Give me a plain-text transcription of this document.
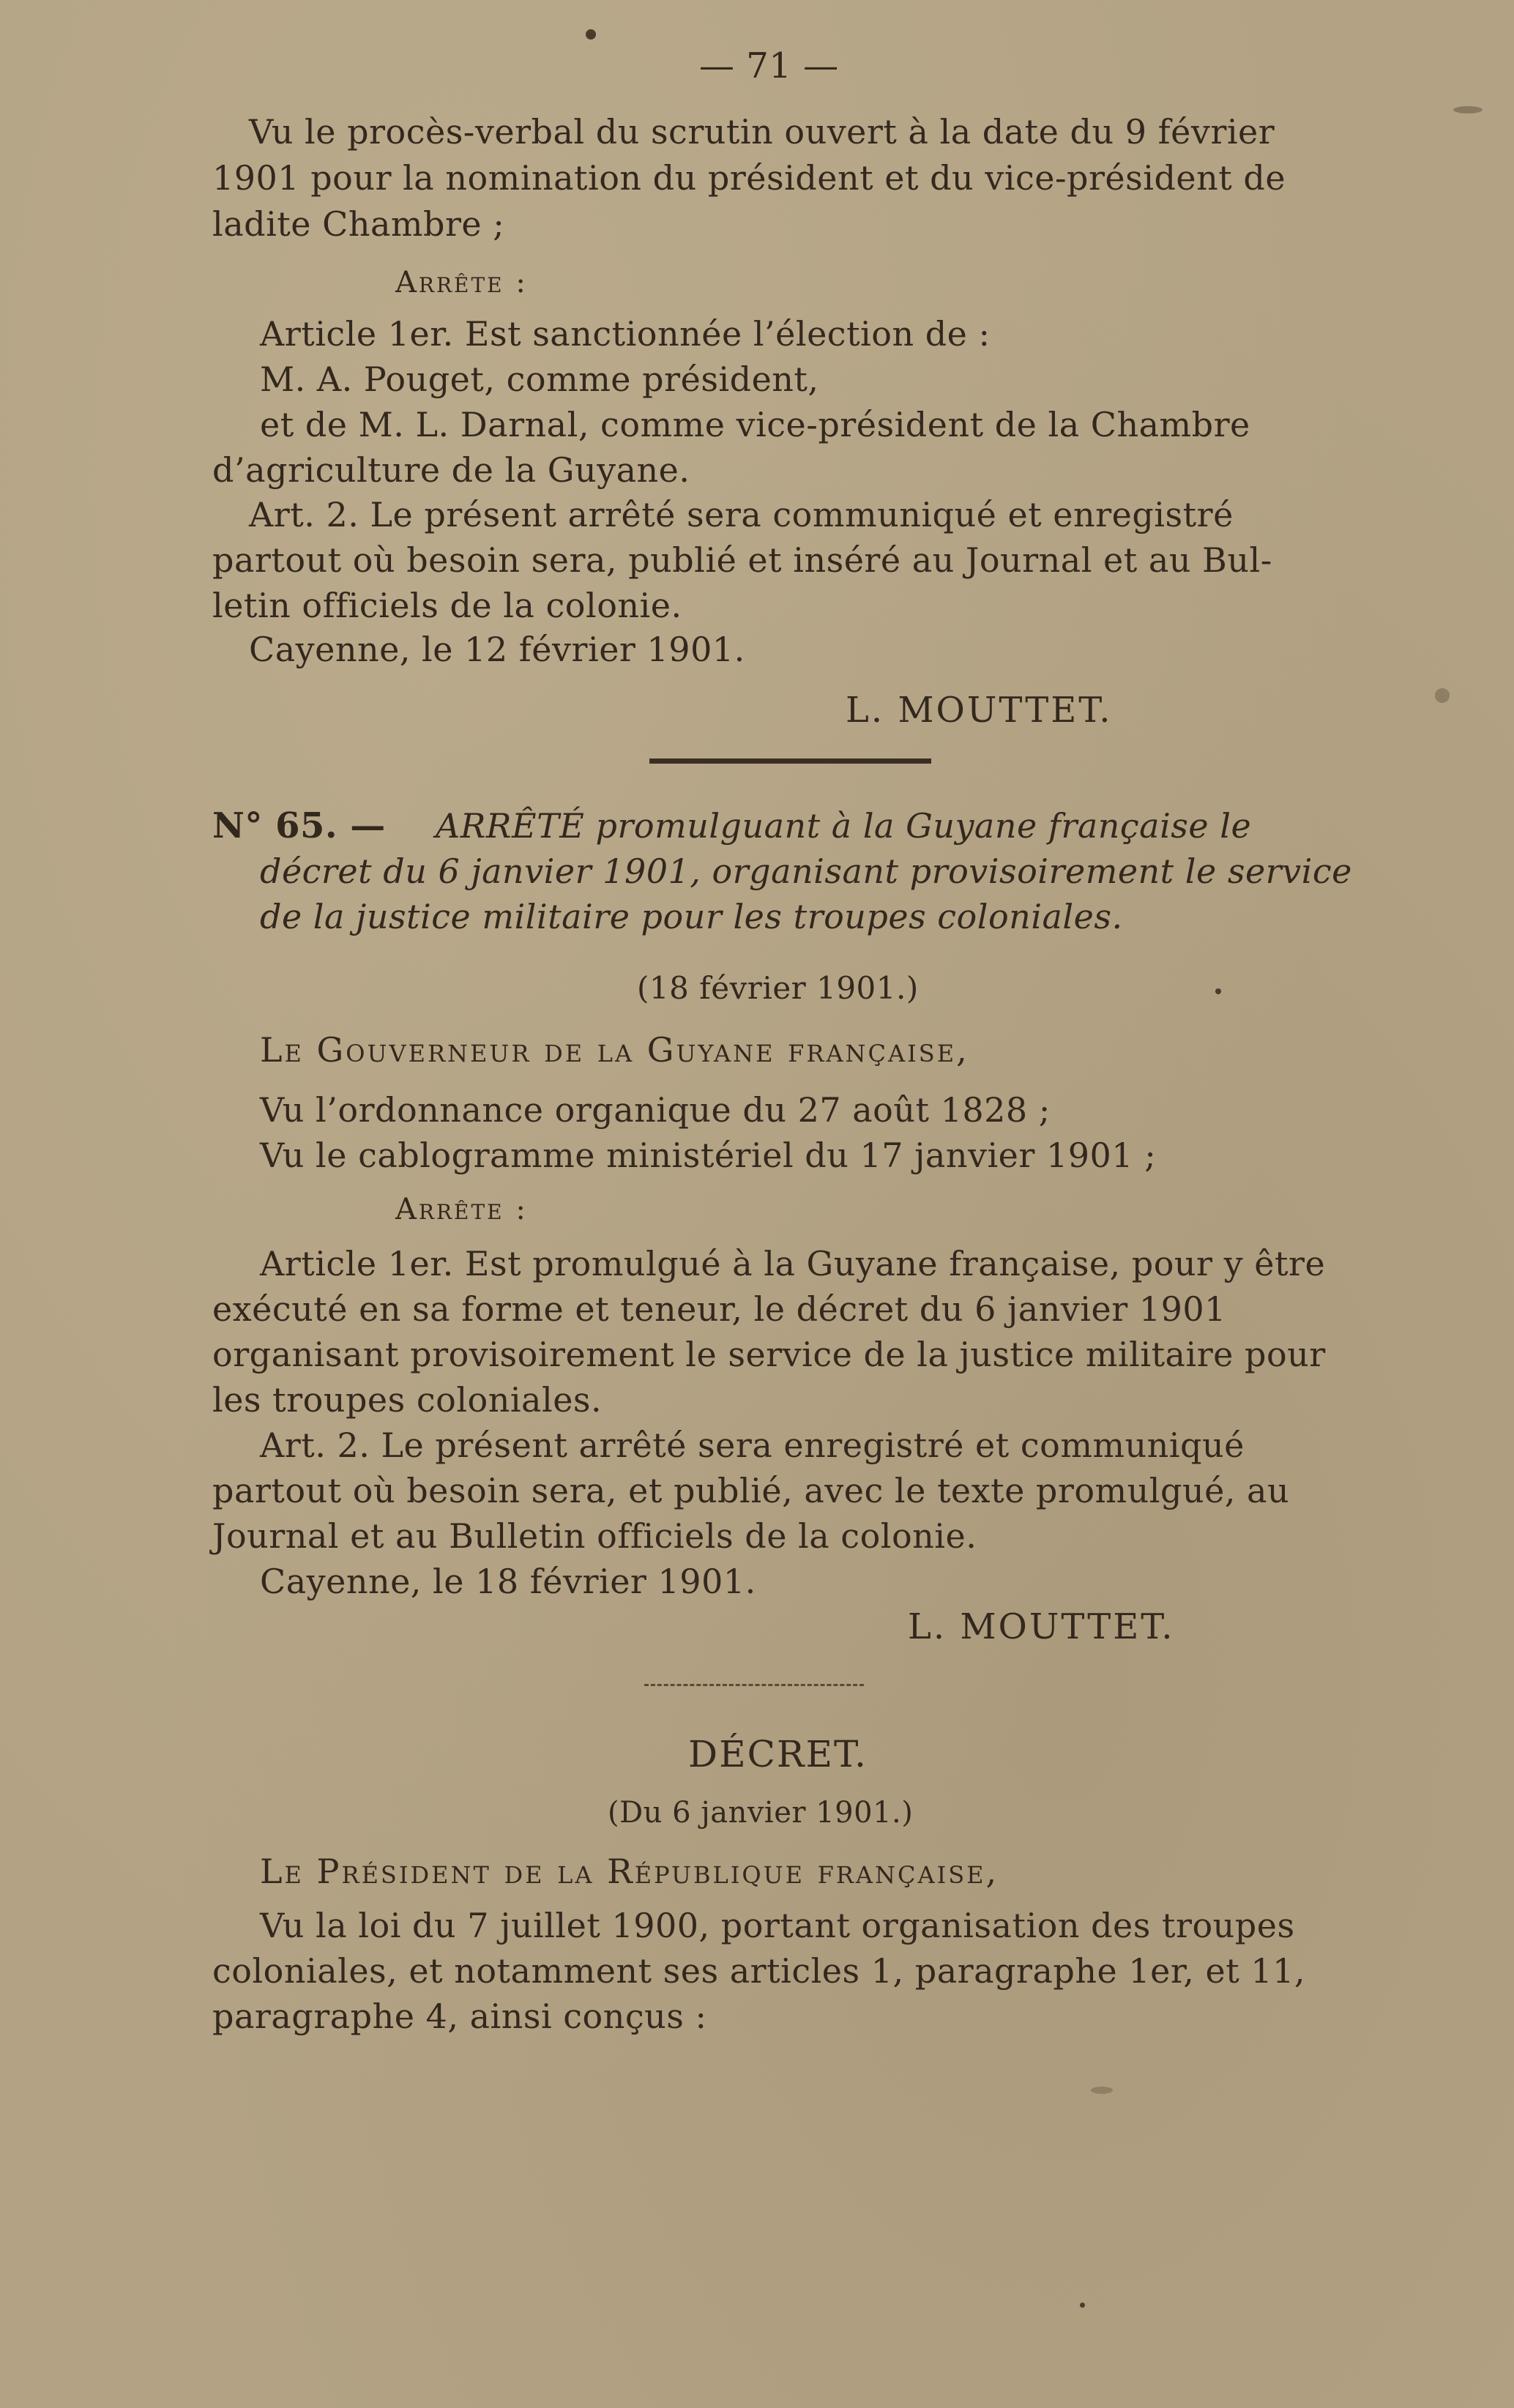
— 71 —
Vu le procès-verbal du scrutin ouvert à la date du 9 février
1901 pour la nomination du président et du vice-président de
ladite Chambre ;
Arrête :
Article 1er. Est sanctionnée l’élection de :
M. A. Pouget, comme président,
et de M. L. Darnal, comme vice-président de la Chambre
d’agriculture de la Guyane.
Art. 2. Le présent arrêté sera communiqué et enregistré
partout où besoin sera, publié et inséré au Journal et au Bul-
letin officiels de la colonie.
Cayenne, le 12 février 1901.
L. MOUTTET.
N° 65. — ARRÊTÉ promulguant à la Guyane française le
décret du 6 janvier 1901, organisant provisoirement le service
de la justice militaire pour les troupes coloniales.
(18 février 1901.)
Le Gouverneur de la Guyane française,
Vu l’ordonnance organique du 27 août 1828 ;
Vu le cablogramme ministériel du 17 janvier 1901 ;
Arrête :
Article 1er. Est promulgué à la Guyane française, pour y être
exécuté en sa forme et teneur, le décret du 6 janvier 1901
organisant provisoirement le service de la justice militaire pour
les troupes coloniales.
Art. 2. Le présent arrêté sera enregistré et communiqué
partout où besoin sera, et publié, avec le texte promulgué, au
Journal et au Bulletin officiels de la colonie.
Cayenne, le 18 février 1901.
L. MOUTTET.
DÉCRET.
(Du 6 janvier 1901.)
Le Président de la République française,
Vu la loi du 7 juillet 1900, portant organisation des troupes
coloniales, et notamment ses articles 1, paragraphe 1er, et 11,
paragraphe 4, ainsi conçus :
